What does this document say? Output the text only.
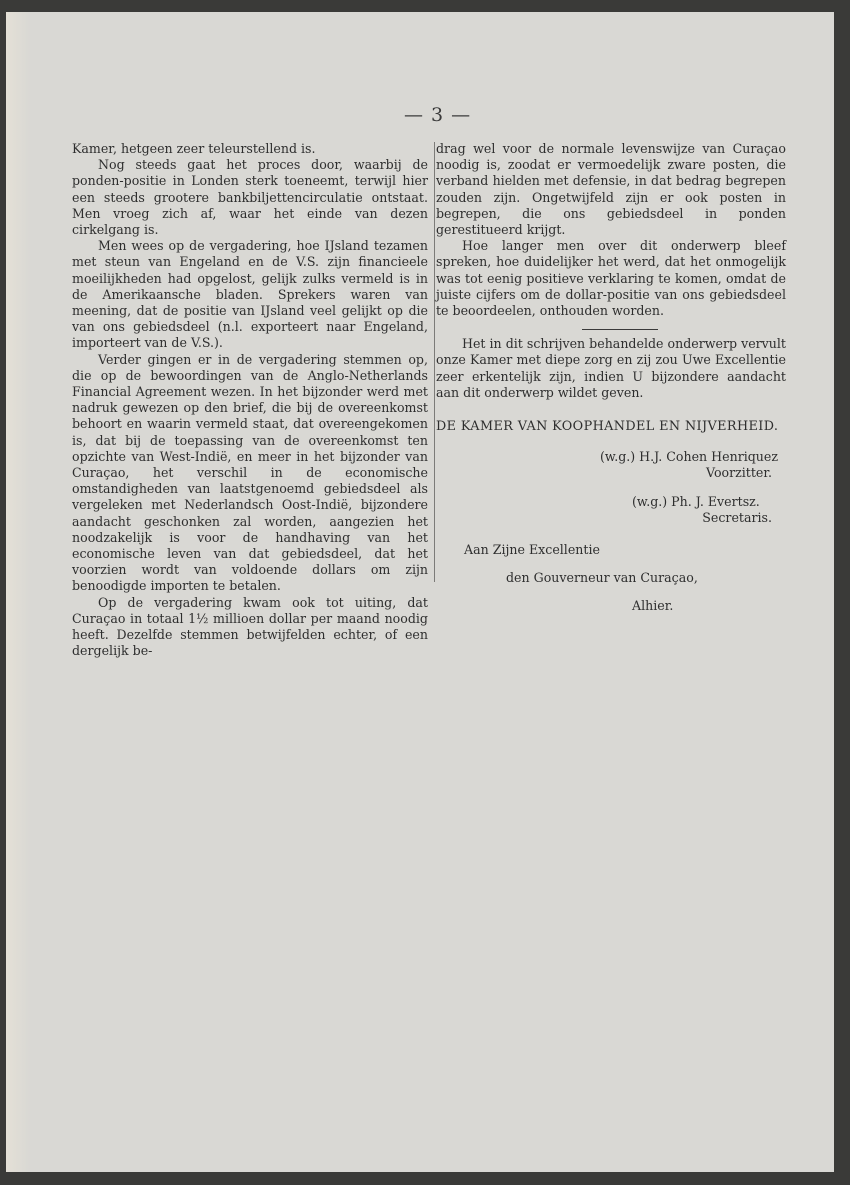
— 3 —

Kamer, hetgeen zeer teleurstellend is.

Nog steeds gaat het proces door, waarbij de ponden-positie in Londen sterk toeneemt, terwijl hier een steeds grootere bankbiljettencirculatie ontstaat. Men vroeg zich af, waar het einde van dezen cirkelgang is.

Men wees op de vergadering, hoe IJsland tezamen met steun van Engeland en de V.S. zijn financieele moeilijkheden had opgelost, gelijk zulks vermeld is in de Amerikaansche bladen. Sprekers waren van meening, dat de positie van IJsland veel gelijkt op die van ons gebiedsdeel (n.l. exporteert naar Engeland, importeert van de V.S.).

Verder gingen er in de vergadering stemmen op, die op de bewoordingen van de Anglo-Netherlands Financial Agreement wezen. In het bijzonder werd met nadruk gewezen op den brief, die bij de overeenkomst behoort en waarin vermeld staat, dat overeengekomen is, dat bij de toepassing van de overeenkomst ten opzichte van West-Indië, en meer in het bijzonder van Curaçao, het verschil in de economische omstandigheden van laatstgenoemd gebiedsdeel als vergeleken met Nederlandsch Oost-Indië, bijzondere aandacht geschonken zal worden, aangezien het noodzakelijk is voor de handhaving van het economische leven van dat gebiedsdeel, dat het voorzien wordt van voldoende dollars om zijn benoodigde importen te betalen.

Op de vergadering kwam ook tot uiting, dat Curaçao in totaal 1½ millioen dollar per maand noodig heeft. Dezelfde stemmen betwijfelden echter, of een dergelijk be-

drag wel voor de normale levenswijze van Curaçao noodig is, zoodat er vermoedelijk zware posten, die verband hielden met defensie, in dat bedrag begrepen zouden zijn. Ongetwijfeld zijn er ook posten in begrepen, die ons gebiedsdeel in ponden gerestitueerd krijgt.

Hoe langer men over dit onderwerp bleef spreken, hoe duidelijker het werd, dat het onmogelijk was tot eenig positieve verklaring te komen, omdat de juiste cijfers om de dollar-positie van ons gebiedsdeel te beoordeelen, onthouden worden.

Het in dit schrijven behandelde onderwerp vervult onze Kamer met diepe zorg en zij zou Uwe Excellentie zeer erkentelijk zijn, indien U bijzondere aandacht aan dit onderwerp wildet geven.

DE KAMER VAN KOOPHANDEL EN NIJVERHEID.
(w.g.) H.J. Cohen Henriquez
Voorzitter.
(w.g.) Ph. J. Evertsz.
Secretaris.
Aan Zijne Excellentie
den Gouverneur van Curaçao,
Alhier.
